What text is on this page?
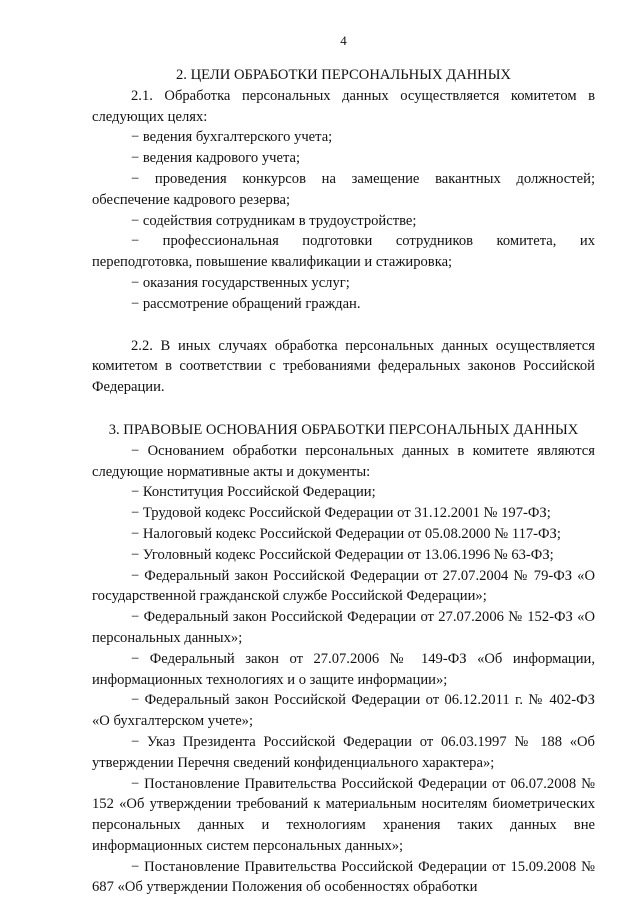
4
2. ЦЕЛИ ОБРАБОТКИ ПЕРСОНАЛЬНЫХ ДАННЫХ

2.1. Обработка персональных данных осуществляется комитетом в следующих целях:

− ведения бухгалтерского учета;

− ведения кадрового учета;

− проведения конкурсов на замещение вакантных должностей; обеспечение кадрового резерва;

− содействия сотрудникам в трудоустройстве;

− профессиональная подготовки сотрудников комитета, их переподготовка, повышение квалификации и стажировка;

− оказания государственных услуг;

− рассмотрение обращений граждан.

2.2. В иных случаях обработка персональных данных осуществляется комитетом в соответствии с требованиями федеральных законов Российской Федерации.

3. ПРАВОВЫЕ ОСНОВАНИЯ ОБРАБОТКИ ПЕРСОНАЛЬНЫХ ДАННЫХ

− Основанием обработки персональных данных в комитете являются следующие нормативные акты и документы:

− Конституция Российской Федерации;

− Трудовой кодекс Российской Федерации от 31.12.2001 № 197-ФЗ;

− Налоговый кодекс Российской Федерации от 05.08.2000 № 117-ФЗ;

− Уголовный кодекс Российской Федерации от 13.06.1996 № 63-ФЗ;

− Федеральный закон Российской Федерации от 27.07.2004 № 79-ФЗ «О государственной гражданской службе Российской Федерации»;

− Федеральный закон Российской Федерации от 27.07.2006 № 152-ФЗ «О персональных данных»;

− Федеральный закон от 27.07.2006 № 149-ФЗ «Об информации, информационных технологиях и о защите информации»;

− Федеральный закон Российской Федерации от 06.12.2011 г. № 402-ФЗ «О бухгалтерском учете»;

− Указ Президента Российской Федерации от 06.03.1997 № 188 «Об утверждении Перечня сведений конфиденциального характера»;

− Постановление Правительства Российской Федерации от 06.07.2008 № 152 «Об утверждении требований к материальным носителям биометрических персональных данных и технологиям хранения таких данных вне информационных систем персональных данных»;

− Постановление Правительства Российской Федерации от 15.09.2008 № 687 «Об утверждении Положения об особенностях обработки
